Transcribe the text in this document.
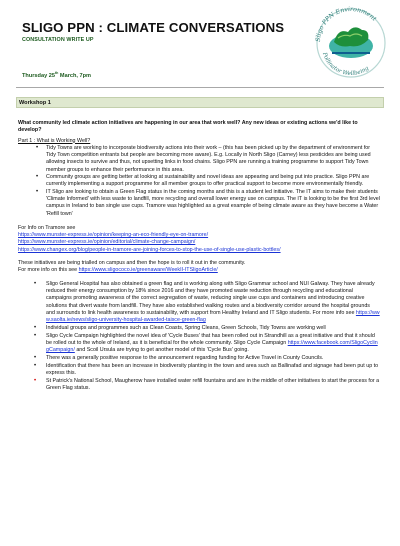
SLIGO PPN : CLIMATE CONVERSATIONS
CONSULTATION WRITE UP
Thursday 25th March, 7pm
Sligo PPN Environment
Pollinator Wellbeing
Workshop 1

What community led climate action initiatives are happening in our area that work well? Any new ideas or existing actions we'd like to develop?

Part 1 : What is Working Well?

• Tidy Towns are working to incorporate biodiversity actions into their work – (this has been picked up by the department of environment for Tidy Town competition entrants but people are becoming more aware). E.g. Locally in North Sligo (Carney) less pesticides are being used allowing insects to survive and thus, not upsetting links in food chains. Sligo PPN are running a training programme to support Tidy Town member groups to enhance their performance in this area.
• Community groups are getting better at looking at sustainability and novel ideas are appearing and being put into practice. Sligo PPN are currently implementing a support programme for all member groups to offer practical support to become more environmentally friendly.
• IT Sligo are looking to obtain a Green Flag status in the coming months and this is a student led initiative. The IT aims to make their students 'Climate Informed' with less waste to landfill, more recycling and overall lower energy use on campus. The IT is looking to be the first 3rd level campus in Ireland to ban single use cups. Tramore was highlighted as a great example of being climate aware as they have become a Water 'Refill town'

For Info on Tramore see

https://www.munster-express.ie/opinion/keeping-an-eco-friendly-eye-on-tramore/

https://www.munster-express.ie/opinion/editorial/climate-change-campaign/

https://www.changex.org/blog/people-in-tramore-are-joining-forces-to-stop-the-use-of-single-use-plastic-bottles/

These initiatives are being trialled on campus and then the hope is to roll it out in the community.

For more info on this see https://www.sligococo.ie/greenaware/WeekII-ITSligoArticle/

• Sligo General Hospital has also obtained a green flag and is working along with Sligo Grammar school and NUI Galway. They have already reduced their energy consumption by 18% since 2016 and they have promoted waste reduction through recycling and educational campaigns promoting awareness of the correct segregation of waste, reducing single use cups and containers and introducing creative solutions that divert waste from landfill. They have also established walking routes and a biodiversity corridor around the hospital grounds and surrounds to link health awareness to sustainability, with support from Healthy Ireland and IT Sligo students. For more info see https://www.saolta.ie/news/sligo-university-hospital-awarded-taisce-green-flag
• Individual groups and programmes such as Clean Coasts, Spring Cleans, Green Schools, Tidy Towns are working well
• Sligo Cycle Campaign highlighted the novel idea of 'Cycle Buses' that has been rolled out in Strandhill as a great initiative and that it should be rolled out to the whole of Ireland, as it is beneficial for the whole community. Sligo Cycle Campaign https://www.facebook.com/SligoCyclingCampaign/ and Scoil Ursula are trying to get another model of this 'Cycle Bus' going.
• There was a generally positive response to the announcement regarding funding for Active Travel in County Councils.
• Identification that there has been an increase in biodiversity planting in the town and area such as Ballinafad and signage had been put up to express this.
• St Patrick's National School, Maugherow have installed water refill fountains and are in the middle of other initiatives to start the process for a Green Flag status.
